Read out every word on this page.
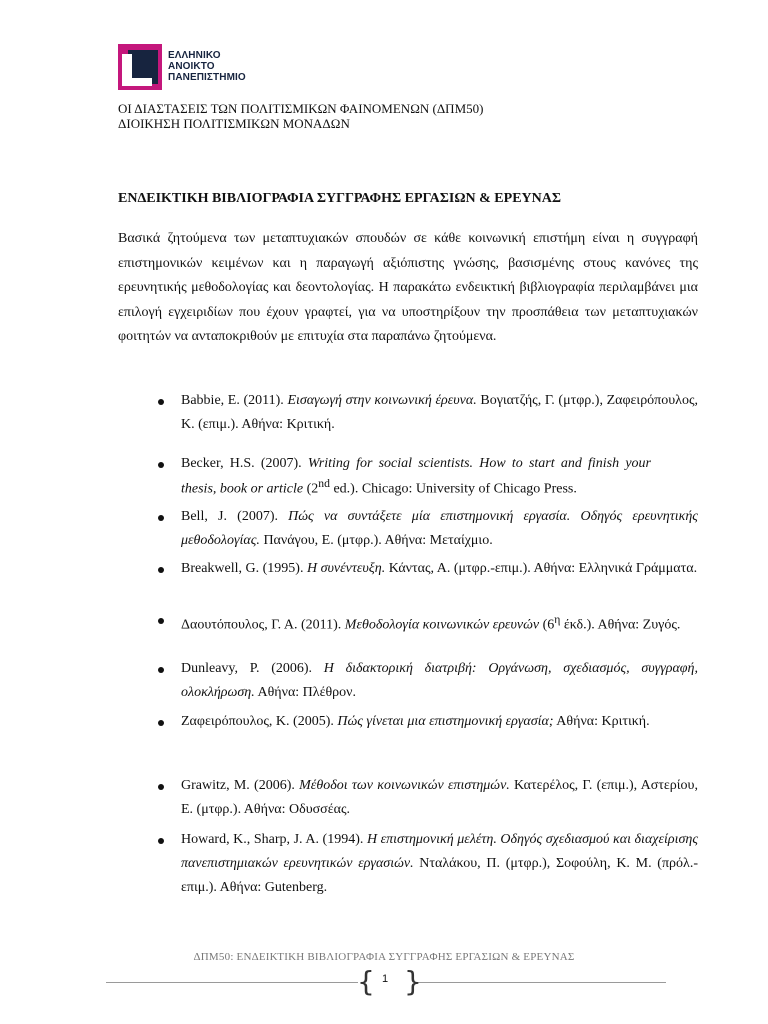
ΕΛΛΗΝΙΚΟ
ΑΝΟΙΚΤΟ
ΠΑΝΕΠΙΣΤΗΜΙΟ
ΟΙ ΔΙΑΣΤΑΣΕΙΣ ΤΩΝ ΠΟΛΙΤΙΣΜΙΚΩΝ ΦΑΙΝΟΜΕΝΩΝ (ΔΠΜ50)
ΔΙΟΙΚΗΣΗ ΠΟΛΙΤΙΣΜΙΚΩΝ ΜΟΝΑΔΩΝ
ΕΝΔΕΙΚΤΙΚΗ ΒΙΒΛΙΟΓΡΑΦΙΑ ΣΥΓΓΡΑΦΗΣ ΕΡΓΑΣΙΩΝ & ΕΡΕΥΝΑΣ

Βασικά ζητούμενα των μεταπτυχιακών σπουδών σε κάθε κοινωνική επιστήμη είναι η συγγραφή επιστημονικών κειμένων και η παραγωγή αξιόπιστης γνώσης, βασισμένης στους κανόνες της ερευνητικής μεθοδολογίας και δεοντολογίας. Η παρακάτω ενδεικτική βιβλιογραφία περιλαμβάνει μια επιλογή εγχειριδίων που έχουν γραφτεί, για να υποστηρίξουν την προσπάθεια των μεταπτυχιακών φοιτητών να ανταποκριθούν με επιτυχία στα παραπάνω ζητούμενα.

Babbie, E. (2011). Εισαγωγή στην κοινωνική έρευνα. Βογιατζής, Γ. (μτφρ.), Ζαφειρόπουλος, Κ. (επιμ.). Αθήνα: Κριτική.
Becker, H.S. (2007). Writing for social scientists. How to start and finish your thesis, book or article (2nd ed.). Chicago: University of Chicago Press.
Bell, J. (2007). Πώς να συντάξετε μία επιστημονική εργασία. Οδηγός ερευνητικής μεθοδολογίας. Πανάγου, Ε. (μτφρ.). Αθήνα: Μεταίχμιο.
Breakwell, G. (1995). Η συνέντευξη. Κάντας, Α. (μτφρ.-επιμ.). Αθήνα: Ελληνικά Γράμματα.
Δαουτόπουλος, Γ. Α. (2011). Μεθοδολογία κοινωνικών ερευνών ($6^\eta$ έκδ.). Αθήνα: Ζυγός.
Dunleavy, P. (2006). Η διδακτορική διατριβή: Οργάνωση, σχεδιασμός, συγγραφή, ολοκλήρωση. Αθήνα: Πλέθρον.
Ζαφειρόπουλος, Κ. (2005). Πώς γίνεται μια επιστημονική εργασία; Αθήνα: Κριτική.
Grawitz, M. (2006). Μέθοδοι των κοινωνικών επιστημών. Κατερέλος, Γ. (επιμ.), Αστερίου, Ε. (μτφρ.). Αθήνα: Οδυσσέας.
Howard, K., Sharp, J. A. (1994). Η επιστημονική μελέτη. Οδηγός σχεδιασμού και διαχείρισης πανεπιστημιακών ερευνητικών εργασιών. Νταλάκου, Π. (μτφρ.), Σοφούλη, Κ. Μ. (πρόλ.-επιμ.). Αθήνα: Gutenberg.
ΔΠΜ50: ΕΝΔΕΙΚΤΙΚΗ ΒΙΒΛΙΟΓΡΑΦΙΑ ΣΥΓΓΡΑΦΗΣ ΕΡΓΑΣΙΩΝ & ΕΡΕΥΝΑΣ
{ }
1
